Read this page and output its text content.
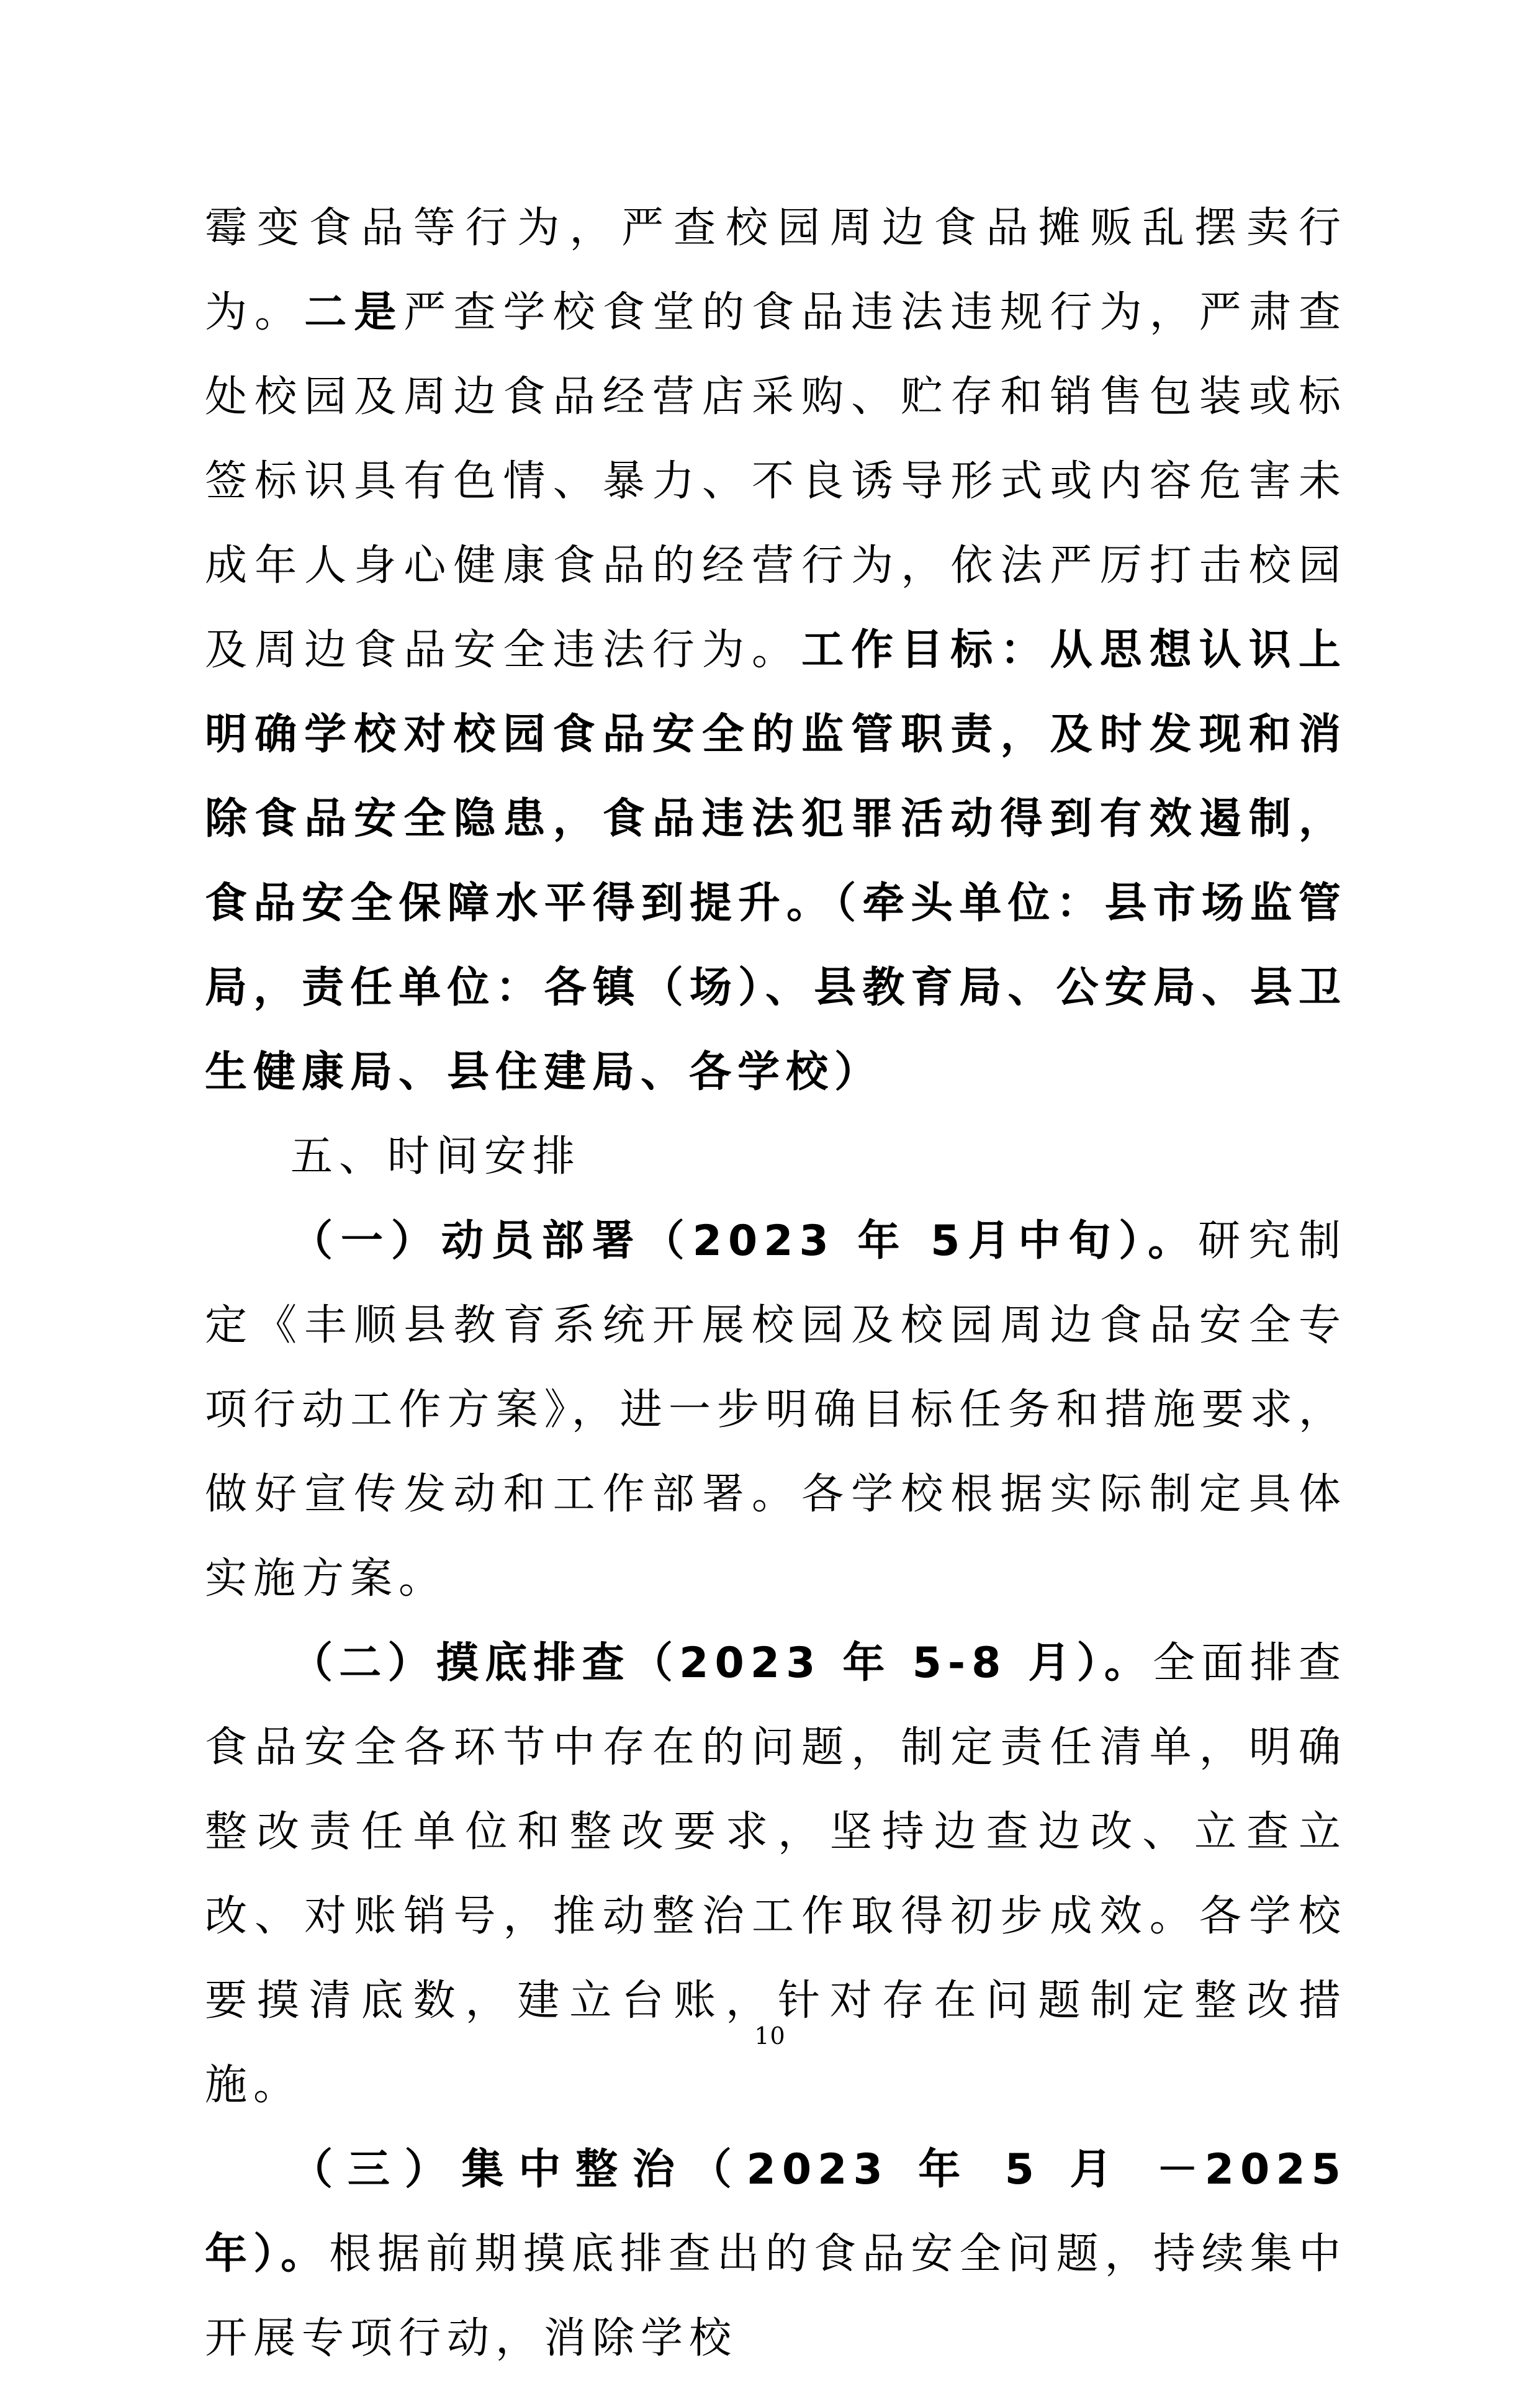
霉变食品等行为，严查校园周边食品摊贩乱摆卖行为。二是严查学校食堂的食品违法违规行为，严肃查处校园及周边食品经营店采购、贮存和销售包装或标签标识具有色情、暴力、不良诱导形式或内容危害未成年人身心健康食品的经营行为，依法严厉打击校园及周边食品安全违法行为。工作目标：从思想认识上明确学校对校园食品安全的监管职责，及时发现和消除食品安全隐患，食品违法犯罪活动得到有效遏制，食品安全保障水平得到提升。（牵头单位：县市场监管局，责任单位：各镇（场）、县教育局、公安局、县卫生健康局、县住建局、各学校）

五、时间安排

（一）动员部署（2023 年 5月中旬）。研究制定《丰顺县教育系统开展校园及校园周边食品安全专项行动工作方案》，进一步明确目标任务和措施要求，做好宣传发动和工作部署。各学校根据实际制定具体实施方案。

（二）摸底排查（2023 年 5-8 月）。全面排查食品安全各环节中存在的问题，制定责任清单，明确整改责任单位和整改要求，坚持边查边改、立查立改、对账销号，推动整治工作取得初步成效。各学校要摸清底数，建立台账，针对存在问题制定整改措施。

（三）集中整治（2023 年 5 月 －2025 年）。根据前期摸底排查出的食品安全问题，持续集中开展专项行动，消除学校

10
